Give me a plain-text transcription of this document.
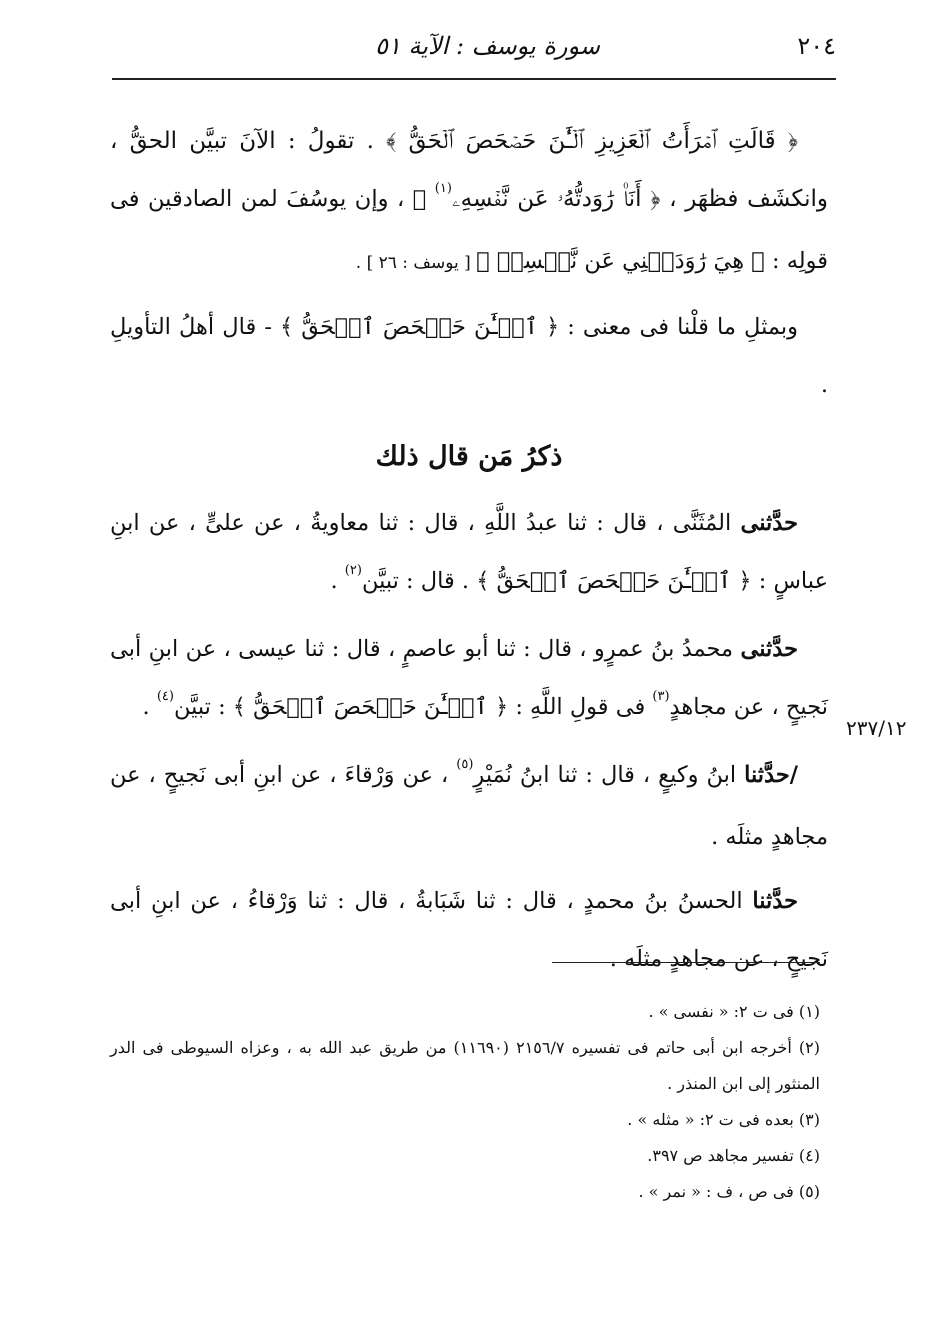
٢٠٤
سورة يوسف : الآية ٥١

﴿ قَالَتِ ٱمۡرَأَتُ ٱلۡعَزِيزِ ٱلۡـَٰٔنَ حَصۡحَصَ ٱلۡحَقُّ ﴾ . تقولُ : الآنَ تبيَّن الحقُّ ، وانكشَف فظهَر ، ﴿ أَنَا۠ رَٰوَدتُّهُۥ عَن نَّفۡسِهِۦ$^{(١)}$ ﴾ ، وإن يوسُفَ لمن الصادقين فى قولِه : ﴿ هِيَ رَٰوَدَتۡنِي عَن نَّفۡسِيۚ ﴾ [ يوسف : ٢٦ ] .

وبمثلِ ما قلْنا فى معنى : ﴿ ٱلۡـَٰٔنَ حَصۡحَصَ ٱلۡحَقُّ ﴾ - قال أهلُ التأويلِ .

ذكرُ مَن قال ذلك

حدَّثنى المُثَنَّى ، قال : ثنا عبدُ اللَّهِ ، قال : ثنا معاويةُ ، عن علىٍّ ، عن ابنِ عباسٍ : ﴿ ٱلۡـَٰٔنَ حَصۡحَصَ ٱلۡحَقُّ ﴾ . قال : تبيَّن$^{(٢)}$ .

حدَّثنى محمدُ بنُ عمرٍو ، قال : ثنا أبو عاصمٍ ، قال : ثنا عيسى ، عن ابنِ أبى نَجيحٍ ، عن مجاهدٍ$^{(٣)}$ فى قولِ اللَّهِ : ﴿ ٱلۡـَٰٔنَ حَصۡحَصَ ٱلۡحَقُّ ﴾ : تبيَّن$^{(٤)}$ .

/حدَّثنا ابنُ وكيعٍ ، قال : ثنا ابنُ نُمَيْرٍ$^{(٥)}$ ، عن وَرْقاءَ ، عن ابنِ أبى نَجيحٍ ، عن مجاهدٍ مثلَه .

حدَّثنا الحسنُ بنُ محمدٍ ، قال : ثنا شَبَابةُ ، قال : ثنا وَرْقاءُ ، عن ابنِ أبى نَجيحٍ ، عن مجاهدٍ مثلَه .

٢٣٧/١٢

(١) فى ت ٢: « نفسى » .

(٢) أخرجه ابن أبى حاتم فى تفسيره ٢١٥٦/٧ (١١٦٩٠) من طريق عبد الله به ، وعزاه السيوطى فى الدر المنثور إلى ابن المنذر .

(٣) بعده فى ت ٢: « مثله » .

(٤) تفسير مجاهد ص ٣٩٧.

(٥) فى ص ، ف : « نمر » .
